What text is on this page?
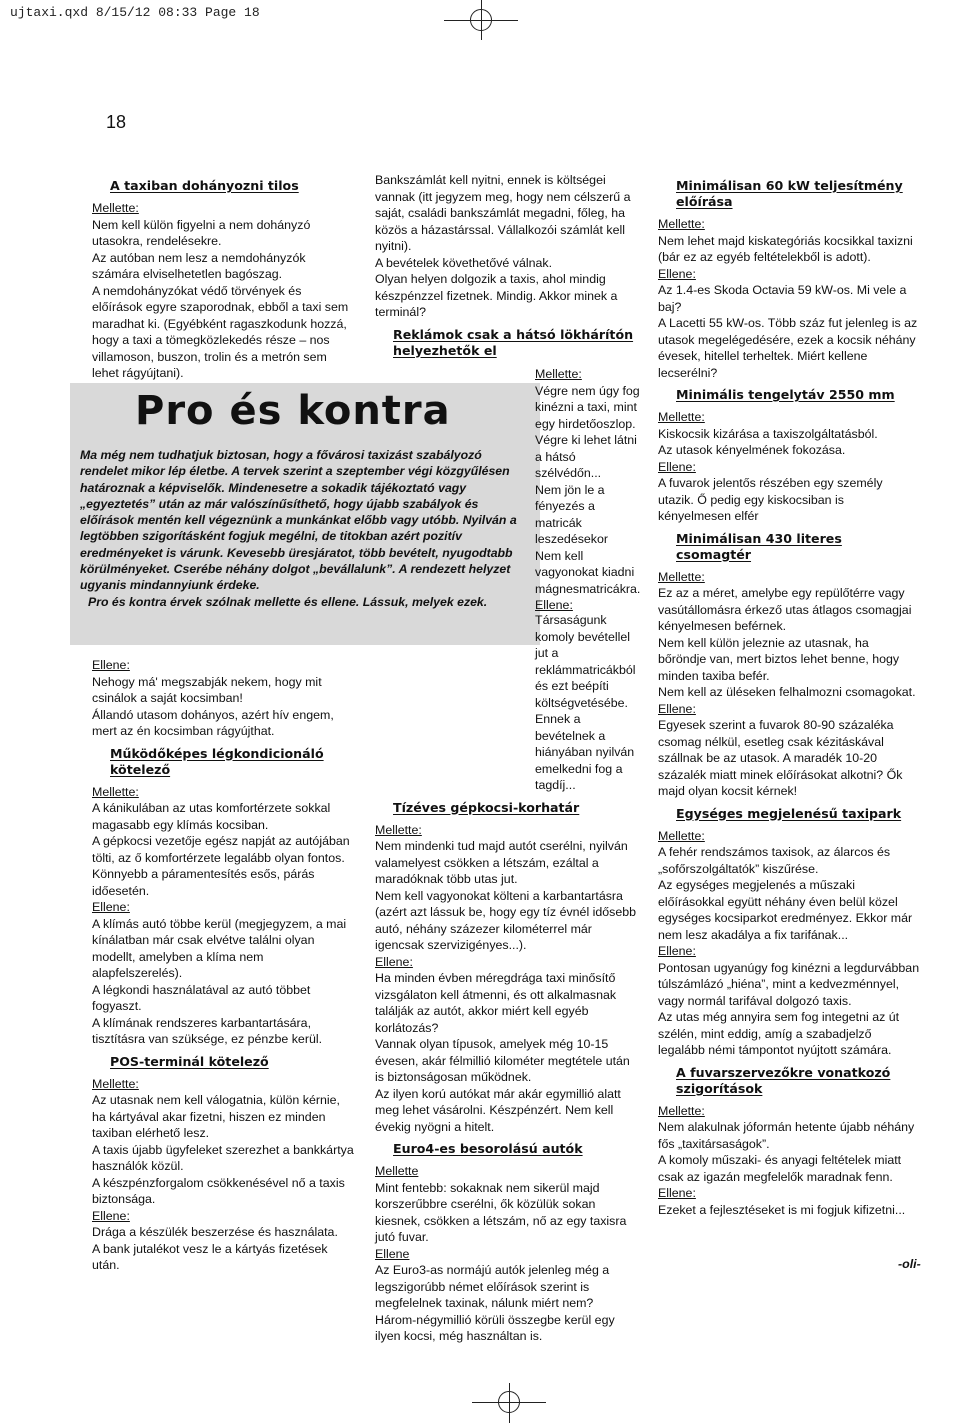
ujtaxi.qxd 8/15/12 08:33 Page 18
18
A taxiban dohányozni tilos
Mellette:

Nem kell külön figyelni a nem dohányzó utasokra, rendelésekre.

Az autóban nem lesz a nemdohányzók számára elviselhetetlen bagószag.

A nemdohányzókat védő törvények és előírások egyre szaporodnak, ebből a taxi sem maradhat ki. (Egyébként ragaszkodunk hozzá, hogy a taxi a tömegközlekedés része – nos villamoson, buszon, trolin és a metrón sem lehet rágyújtani).

Pro és kontra

Ma még nem tudhatjuk biztosan, hogy a fővárosi taxizást szabályozó rendelet mikor lép életbe. A tervek szerint a szeptember végi közgyűlésen határoznak a képviselők. Mindenesetre a sokadik tájékoztató vagy „egyeztetés” után az már valószínűsíthető, hogy újabb szabályok és előírások mentén kell végeznünk a munkánkat előbb vagy utóbb. Nyilván a legtöbben szigorításként fogjuk megélni, de titokban azért pozitív eredményeket is várunk. Kevesebb üresjáratot, több bevételt, nyugodtabb körülményeket. Cserébe néhány dolgot „bevállalunk”. A rendezett helyzet ugyanis mindannyiunk érdeke.

Pro és kontra érvek szólnak mellette és ellene. Lássuk, melyek ezek.

Ellene:

Nehogy má' megszabják nekem, hogy mit csinálok a saját kocsimban!

Állandó utasom dohányos, azért hív engem, mert az én kocsimban rágyújthat.

Működőképes légkondicionáló kötelező
Mellette:

A kánikulában az utas komfortérzete sokkal magasabb egy klímás kocsiban.

A gépkocsi vezetője egész napját az autójában tölti, az ő komfortérzete legalább olyan fontos.

Könnyebb a páramentesítés esős, párás időesetén.

Ellene:

A klímás autó többe kerül (megjegyzem, a mai kínálatban már csak elvétve találni olyan modellt, amelyben a klíma nem alapfelszerelés).

A légkondi használatával az autó többet fogyaszt.

A klímának rendszeres karbantartására, tisztításra van szüksége, ez pénzbe kerül.

POS-terminál kötelező
Mellette:

Az utasnak nem kell válogatnia, külön kérnie, ha kártyával akar fizetni, hiszen ez minden taxiban elérhető lesz.

A taxis újabb ügyfeleket szerezhet a bankkártya használók közül.

A készpénzforgalom csökkenésével nő a taxis biztonsága.

Ellene:

Drága a készülék beszerzése és használata.

A bank jutalékot vesz le a kártyás fizetések után.

Bankszámlát kell nyitni, ennek is költségei vannak (itt jegyzem meg, hogy nem célszerű a saját, családi bankszámlát megadni, főleg, ha közös a házastárssal. Vállalkozói számlát kell nyitni).

A bevételek követhetővé válnak.

Olyan helyen dolgozik a taxis, ahol mindig készpénzzel fizetnek. Mindig. Akkor minek a terminál?

Reklámok csak a hátsó lökhárítón helyezhetők el
Mellette:

Végre nem úgy fog kinézni a taxi, mint egy hirdetőoszlop.

Végre ki lehet látni a hátsó szélvédőn...

Nem jön le a fényezés a matricák leszedésekor

Nem kell vagyonokat kiadni mágnesmatricákra.

Ellene:

Társaságunk komoly bevétellel jut a reklámmatricákból és ezt beépíti költségvetésébe. Ennek a bevételnek a hiányában nyilván emelkedni fog a tagdíj...

Tízéves gépkocsi-korhatár
Mellette:

Nem mindenki tud majd autót cserélni, nyilván valamelyest csökken a létszám, ezáltal a maradóknak több utas jut.

Nem kell vagyonokat költeni a karbantartásra (azért azt lássuk be, hogy egy tíz évnél idősebb autó, néhány százezer kilométerrel már igencsak szervizigényes...).

Ellene:

Ha minden évben méregdrága taxi minősítő vizsgálaton kell átmenni, és ott alkalmasnak találják az autót, akkor miért kell egyéb korlátozás?

Vannak olyan típusok, amelyek még 10-15 évesen, akár félmillió kilométer megtétele után is biztonságosan működnek.

Az ilyen korú autókat már akár egymillió alatt meg lehet vásárolni. Készpénzért. Nem kell évekig nyögni a hitelt.

Euro4-es besorolású autók
Mellette

Mint fentebb: sokaknak nem sikerül majd korszerűbbre cserélni, ők közülük sokan kiesnek, csökken a létszám, nő az egy taxisra jutó fuvar.

Ellene

Az Euro3-as normájú autók jelenleg még a legszigorúbb német előírások szerint is megfelelnek taxinak, nálunk miért nem?

Három-négymillió körüli összegbe kerül egy ilyen kocsi, még használtan is.

Minimálisan 60 kW teljesítmény előírása
Mellette:

Nem lehet majd kiskategóriás kocsikkal taxizni (bár ez az egyéb feltételekből is adott).

Ellene:

Az 1.4-es Skoda Octavia 59 kW-os. Mi vele a baj?

A Lacetti 55 kW-os. Több száz fut jelenleg is az utasok megelégedésére, ezek a kocsik néhány évesek, hitellel terheltek. Miért kellene lecserélni?

Minimális tengelytáv 2550 mm
Mellette:

Kiskocsik kizárása a taxiszolgáltatásból.

Az utasok kényelmének fokozása.

Ellene:

A fuvarok jelentős részében egy személy utazik. Ő pedig egy kiskocsiban is kényelmesen elfér

Minimálisan 430 literes csomagtér
Mellette:

Ez az a méret, amelybe egy repülőtérre vagy vasútállomásra érkező utas átlagos csomagjai kényelmesen beférnek.

Nem kell külön jeleznie az utasnak, ha bőröndje van, mert biztos lehet benne, hogy minden taxiba befér.

Nem kell az üléseken felhalmozni csomagokat.

Ellene:

Egyesek szerint a fuvarok 80-90 százaléka csomag nélkül, esetleg csak kézitáskával szállnak be az utasok. A maradék 10-20 százalék miatt minek előírásokat alkotni? Ők majd olyan kocsit kérnek!

Egységes megjelenésű taxipark
Mellette:

A fehér rendszámos taxisok, az álarcos és „sofőrszolgáltatók” kiszűrése.

Az egységes megjelenés a műszaki előírásokkal együtt néhány éven belül közel egységes kocsiparkot eredményez. Ekkor már nem lesz akadálya a fix tarifának...

Ellene:

Pontosan ugyanúgy fog kinézni a legdurvábban túlszámlázó „hiéna”, mint a kedvezménnyel, vagy normál tarifával dolgozó taxis.

Az utas még annyira sem fog integetni az út szélén, mint eddig, amíg a szabadjelző legalább némi támpontot nyújtott számára.

A fuvarszervezőkre vonatkozó szigorítások
Mellette:

Nem alakulnak jóformán hetente újabb néhány fős „taxitársaságok”.

A komoly műszaki- és anyagi feltételek miatt csak az igazán megfelelők maradnak fenn.

Ellene:

Ezeket a fejlesztéseket is mi fogjuk kifizetni...

-oli-
